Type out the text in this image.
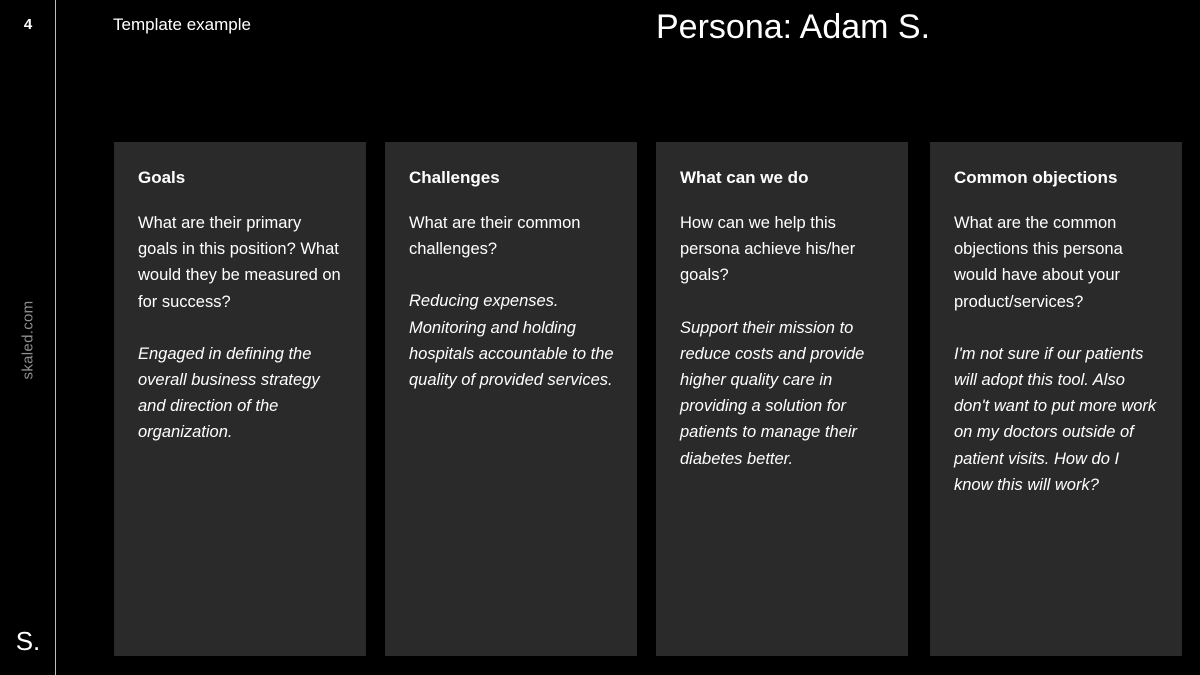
4
skaled.com
S.
Template example	Persona: Adam S.
Goals
What are their primary goals in this position? What would they be measured on for success?
Engaged in defining the overall business strategy and direction of the organization.
Challenges
What are their common challenges?
Reducing expenses. Monitoring and holding hospitals accountable to the quality of provided services.
What can we do
How can we help this persona achieve his/her goals?
Support their mission to reduce costs and provide higher quality care in providing a solution for patients to manage their diabetes better.
Common objections
What are the common objections this persona would have about your product/services?
I'm not sure if our patients will adopt this tool. Also don't want to put more work on my doctors outside of patient visits. How do I know this will work?
